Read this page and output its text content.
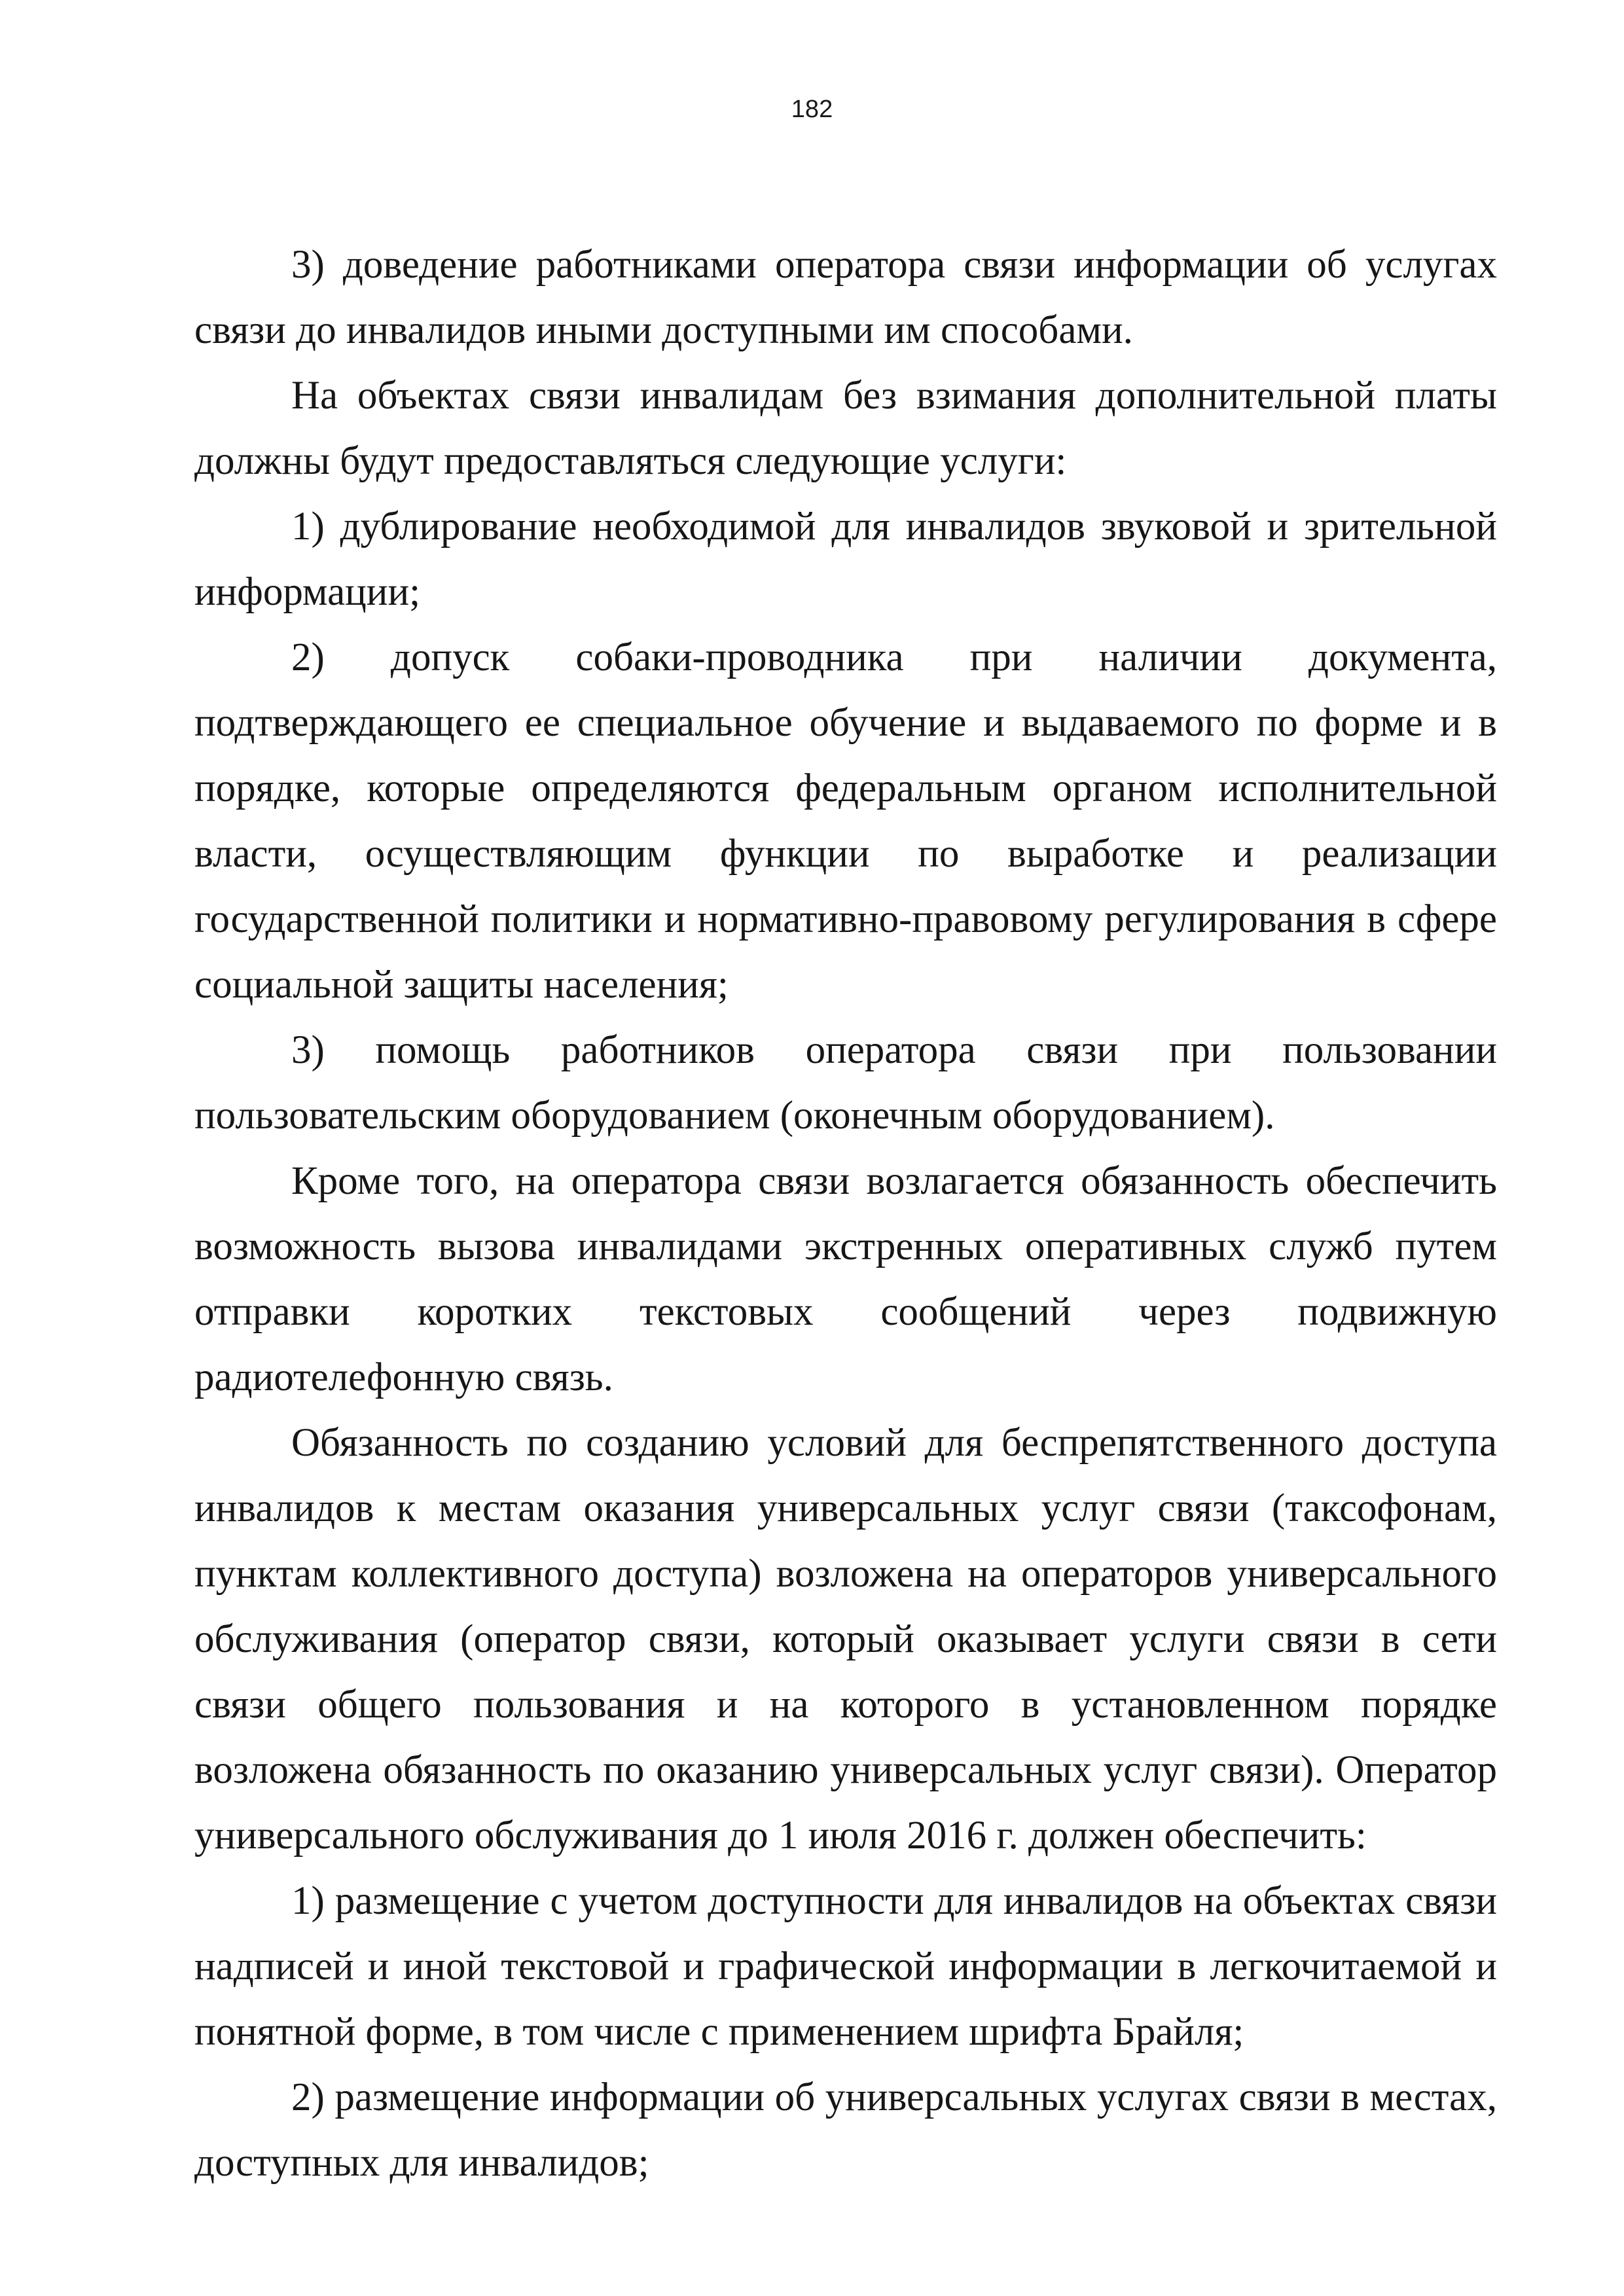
182

3) доведение работниками оператора связи информации об услугах связи до инвалидов иными доступными им способами.

На объектах связи инвалидам без взимания дополнительной платы должны будут предоставляться следующие услуги:

1) дублирование необходимой для инвалидов звуковой и зрительной информации;

2) допуск собаки-проводника при наличии документа, подтверждающего ее специальное обучение и выдаваемого по форме и в порядке, которые определяются федеральным органом исполнительной власти, осуществляющим функции по выработке и реализации государственной политики и нормативно-правовому регулирования в сфере социальной защиты населения;

3) помощь работников оператора связи при пользовании пользовательским оборудованием (оконечным оборудованием).

Кроме того, на оператора связи возлагается обязанность обеспечить возможность вызова инвалидами экстренных оперативных служб путем отправки коротких текстовых сообщений через подвижную радиотелефонную связь.

Обязанность по созданию условий для беспрепятственного доступа инвалидов к местам оказания универсальных услуг связи (таксофонам, пунктам коллективного доступа) возложена на операторов универсального обслуживания (оператор связи, который оказывает услуги связи в сети связи общего пользования и на которого в установленном порядке возложена обязанность по оказанию универсальных услуг связи). Оператор универсального обслуживания до 1 июля 2016 г. должен обеспечить:

1) размещение с учетом доступности для инвалидов на объектах связи надписей и иной текстовой и графической информации в легкочитаемой и понятной форме, в том числе с применением шрифта Брайля;

2) размещение информации об универсальных услугах связи в местах, доступных для инвалидов;
